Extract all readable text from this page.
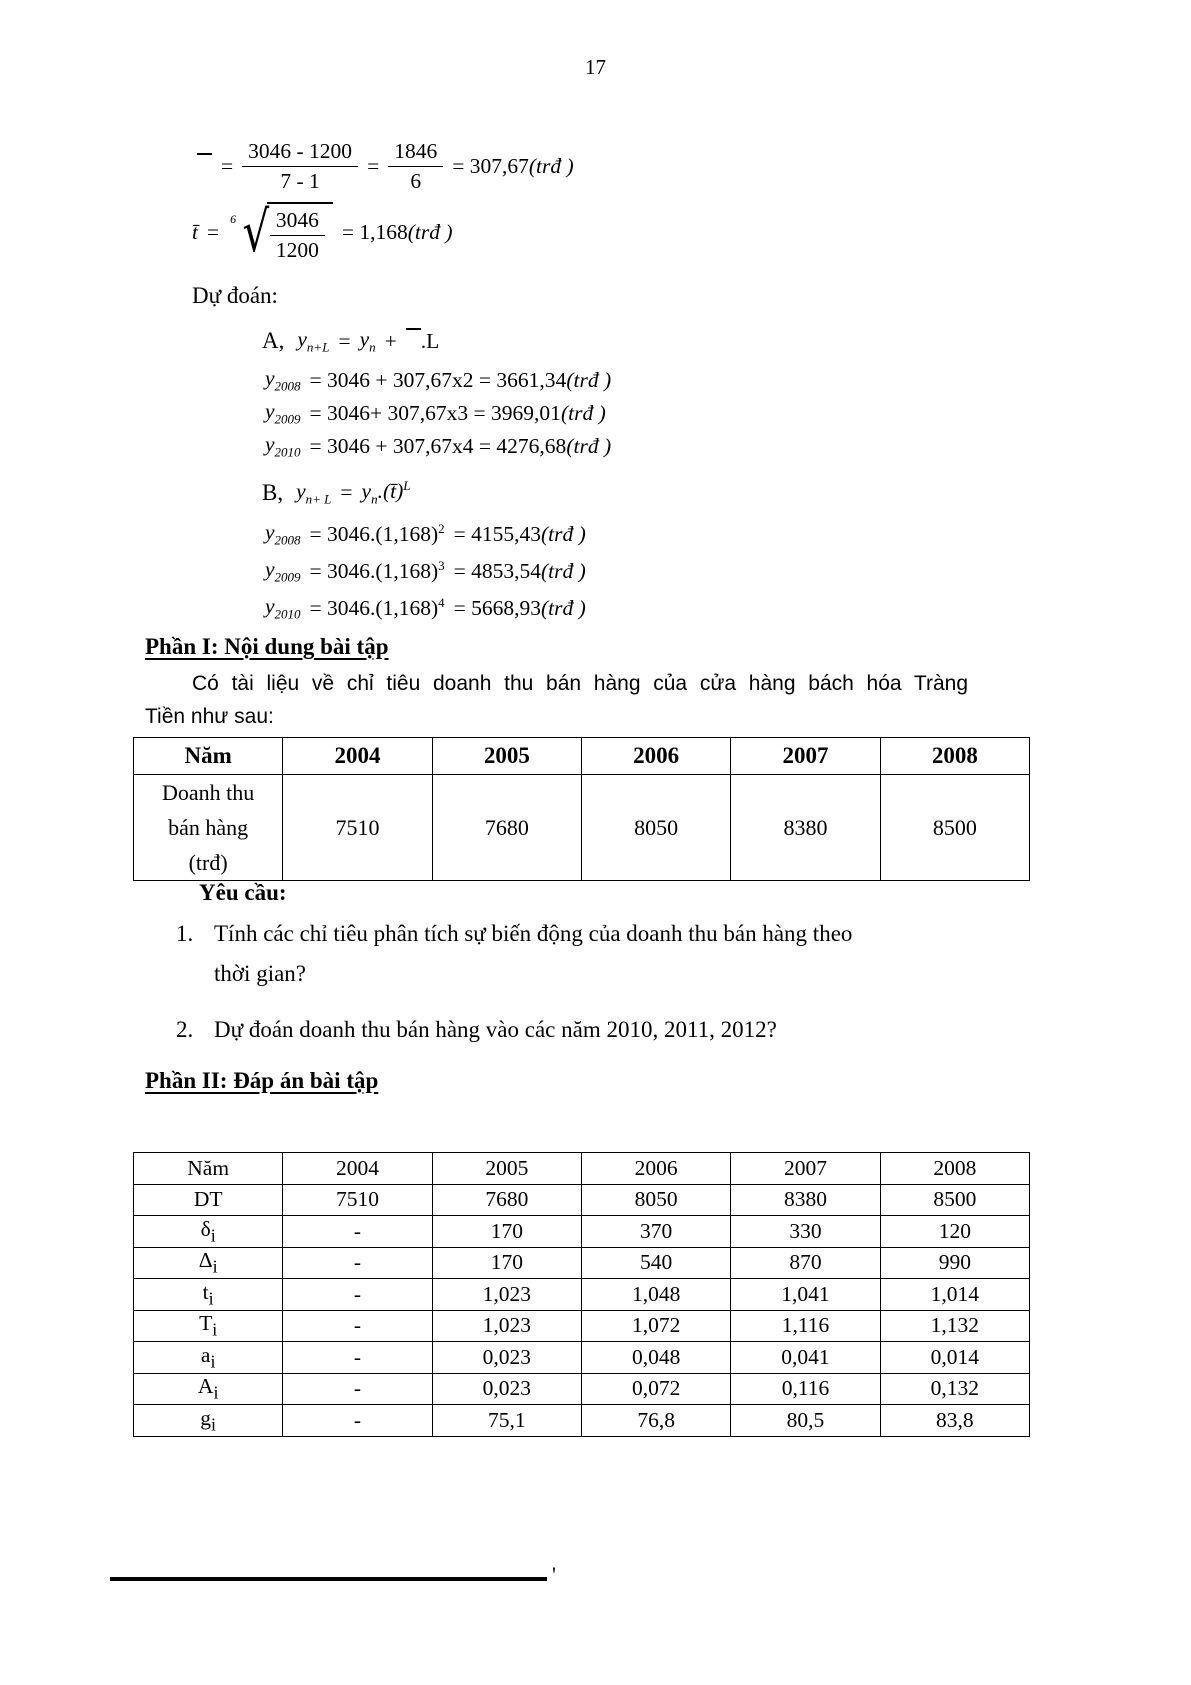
17
= $\frac{3046 - 1200}{7 - 1} = \frac{1846}{6} = 307,67$ (trđ )
t̄ =
6 √ $\frac{3046}{1200} = 1,168$ (trđ )
Dự đoán:
A, $y_{n+L} = y_n + .L$
$y_{2008} = 3046 + 307,67x2 = 3661,34$ (trđ )
$y_{2009} = 3046+ 307,67x3 = 3969,01$ (trđ )
$y_{2010} = 3046 + 307,67x4 = 4276,68$ (trđ )
B, $y_{n+ L}$ = $y_n.(t̄)^L$
$y_{2008} = 3046.(1,168)^2 = 4155,43$ (trđ )
$y_{2009} = 3046.(1,168)^3 = 4853,54$ (trđ )
$y_{2010} = 3046.(1,168)^4 = 5668,93$ (trđ )
Phần I: Nội dung bài tập
Có tài liệu về chỉ tiêu doanh thu bán hàng của cửa hàng bách hóa Tràng
Tiền như sau:
Năm	2004	2005	2006	2007	2008

Doanh thu
bán hàng
(trđ)	7510	7680	8050	8380	8500
Yêu cầu:
1. Tính các chỉ tiêu phân tích sự biến động của doanh thu bán hàng theo
thời gian?
2. Dự đoán doanh thu bán hàng vào các năm 2010, 2011, 2012?
Phần II: Đáp án bài tập
Năm	2004	2005	2006	2007	2008
DT	7510	7680	8050	8380	8500
$\delta_i$	-	170	370	330	120
$\Delta_i$	-	170	540	870	990
$t_i$	-	1,023	1,048	1,041	1,014
$T_i$	-	1,023	1,072	1,116	1,132
$a_i$	-	0,023	0,048	0,041	0,014
$A_i$	-	0,023	0,072	0,116	0,132
$g_i$	-	75,1	76,8	80,5	83,8
'
